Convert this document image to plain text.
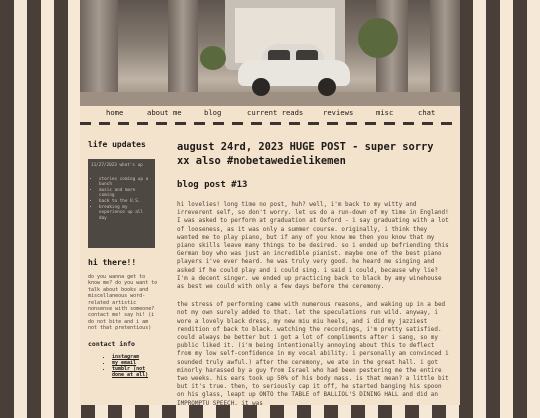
home	about me	blog	current reads	reviews	misc	chat

life updates

11/27/2023 what's up
• stories coming up a bunch
• music and more coming
• back to the U.S.
• breaking my experience up all day

hi there!!

do you wanna get to know me? do you want to talk about books and miscellaneous word-related artistic nonsense with someone? contact me! say hi! (i do not bite and i am not that pretentious)

contact info

• instagram
• my email
• tumblr (not done at all)
august 24rd, 2023 HUGE POST - super sorry xx also #nobetawedielikemen
blog post #13

hi lovelies! long time no post, huh? well, i'm back to my witty and irreverent self, so don't worry. let us do a run-down of my time in England! I was asked to perform at graduation at Oxford - i say graduating with a lot of looseness, as it was only a summer course. originally, i think they wanted me to play piano, but if any of you know me then you know that my piano skills leave many things to be desired. so i ended up befriending this German boy who was just an incredible pianist. maybe one of the best piano players i've ever heard. he was truly very good. he heard me singing and asked if he could play and i could sing. i said i could, because why lie? I'm a decent singer. we ended up practicing back to black by amy winehouse as best we could with only a few days before the ceremony.

the stress of performing came with numerous reasons, and waking up in a bed not my own surely added to that. let the speculations run wild. anyway, i wore a lovely black dress, my new miu miu heels, and i did my jazziest rendition of back to black. watching the recordings, i'm pretty satisfied. could always be better but i got a lot of compliments after i sang, so my public liked it. (i'm being intentionally annoying about this to deflect from my low self-confidence in my vocal ability. i personally am convinced i sounded truly awful.) after the ceremony, we ate in the great hall. i got minorly harassed by a guy from Israel who had been pestering me the entire two weeks. his ears took up 50% of his body mass. is that mean? a little bit but it's true. then, to seriously cap it off, he started banging his spoon on his glass, leapt up ONTO the TABLE of BALLIOL'S DINING HALL and did an IMPROMPTU SPEECH. it was
